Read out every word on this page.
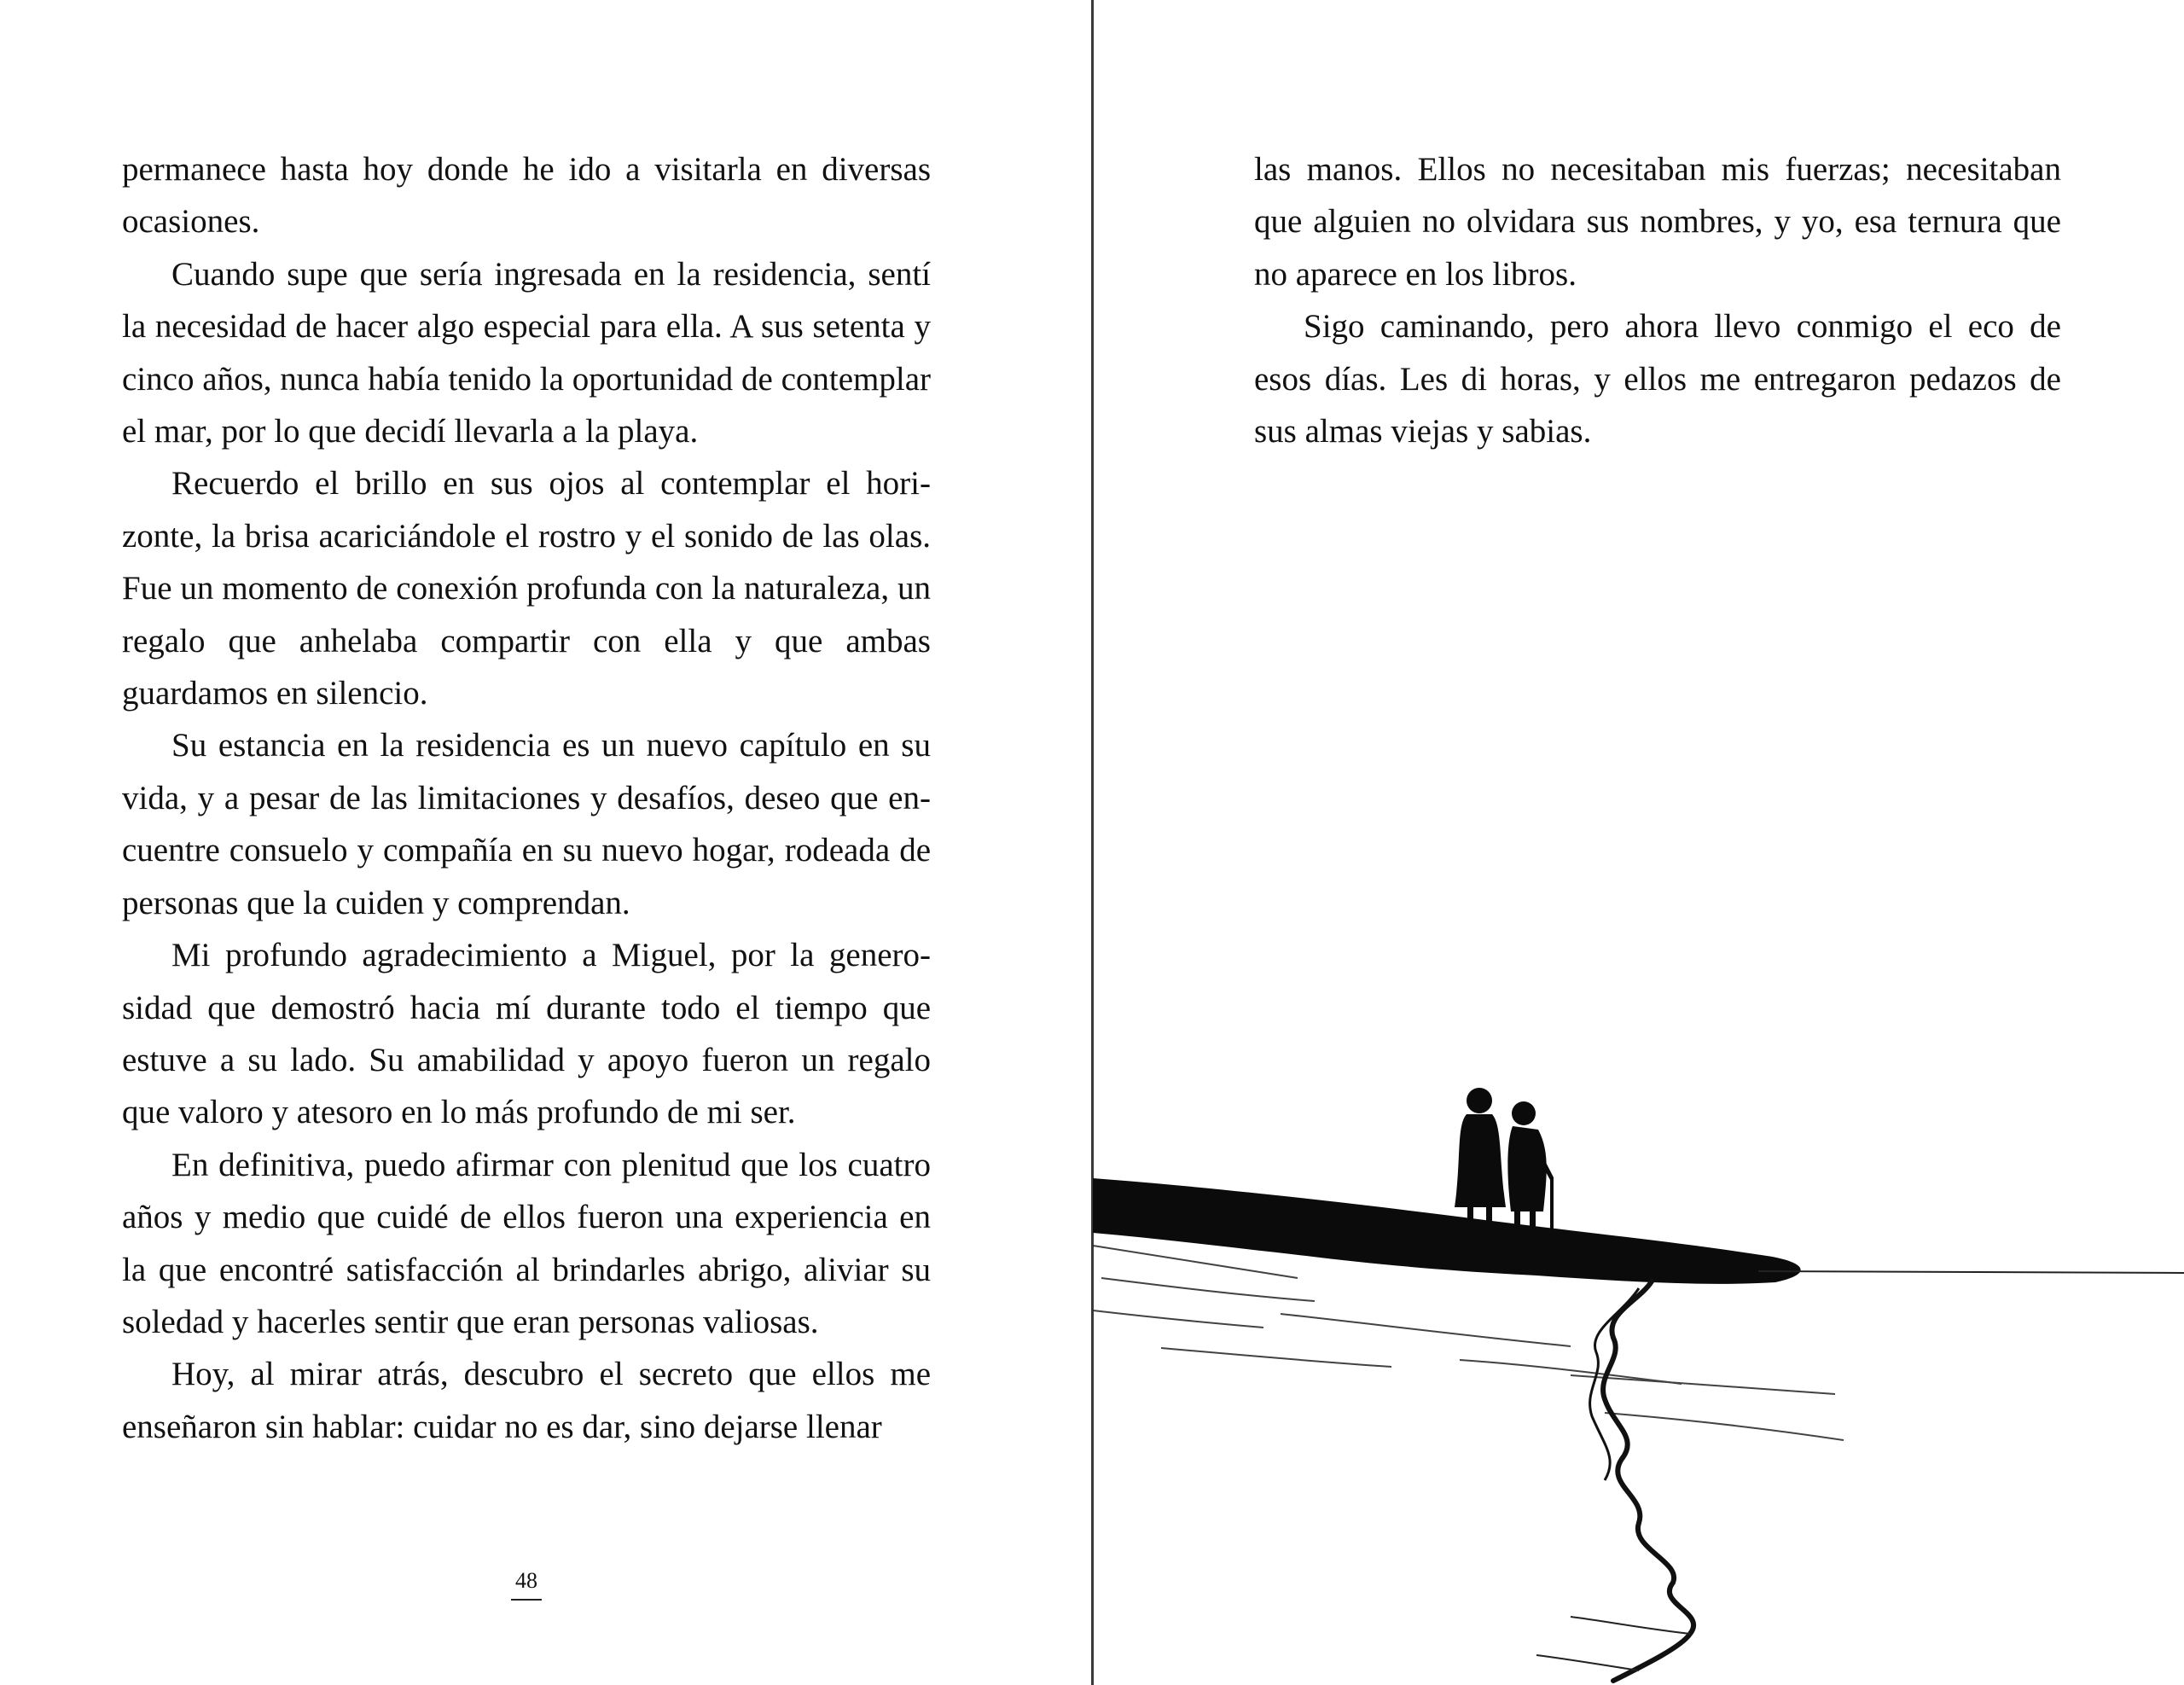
permanece hasta hoy donde he ido a visitarla en diversas ocasiones.

Cuando supe que sería ingresada en la residencia, sentí la necesidad de hacer algo especial para ella. A sus setenta y cinco años, nunca había tenido la oportunidad de contemplar el mar, por lo que decidí llevarla a la playa.

Recuerdo el brillo en sus ojos al contemplar el horizonte, la brisa acariciándole el rostro y el sonido de las olas. Fue un momento de conexión profunda con la naturaleza, un regalo que anhelaba compartir con ella y que ambas guardamos en silencio.

Su estancia en la residencia es un nuevo capítulo en su vida, y a pesar de las limitaciones y desafíos, deseo que encuentre consuelo y compañía en su nuevo hogar, rodeada de personas que la cuiden y comprendan.

Mi profundo agradecimiento a Miguel, por la generosidad que demostró hacia mí durante todo el tiempo que estuve a su lado. Su amabilidad y apoyo fueron un regalo que valoro y atesoro en lo más profundo de mi ser.

En definitiva, puedo afirmar con plenitud que los cuatro años y medio que cuidé de ellos fueron una experiencia en la que encontré satisfacción al brindarles abrigo, aliviar su soledad y hacerles sentir que eran personas valiosas.

Hoy, al mirar atrás, descubro el secreto que ellos me enseñaron sin hablar: cuidar no es dar, sino dejarse llenar

48

las manos. Ellos no necesitaban mis fuerzas; necesitaban que alguien no olvidara sus nombres, y yo, esa ternura que no aparece en los libros.

Sigo caminando, pero ahora llevo conmigo el eco de esos días. Les di horas, y ellos me entregaron pedazos de sus almas viejas y sabias.
